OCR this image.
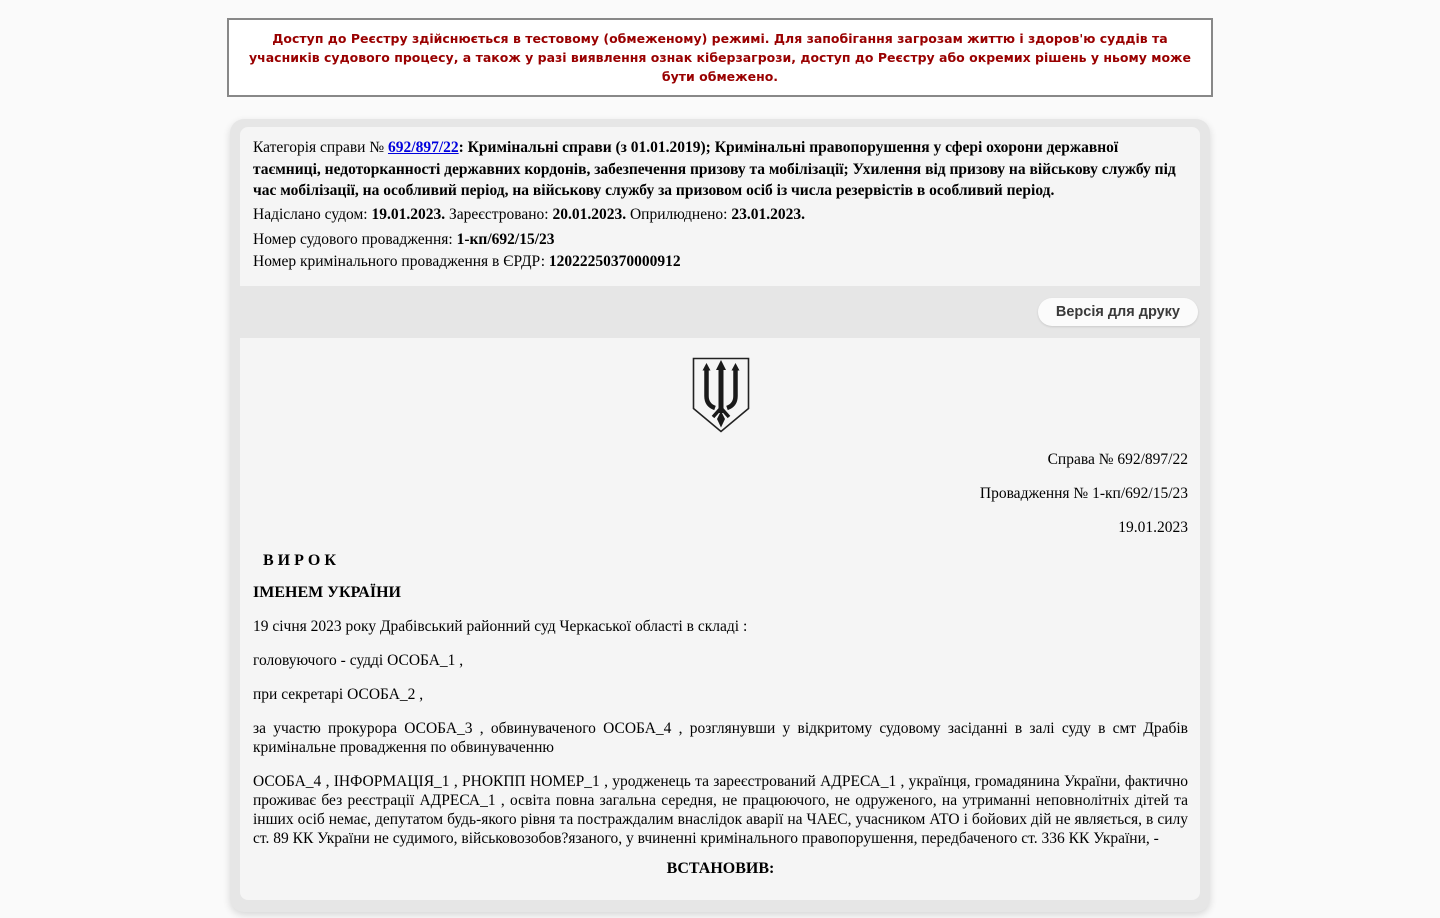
Доступ до Реєстру здійснюється в тестовому (обмеженому) режимі. Для запобігання загрозам життю і здоров'ю суддів та учасників судового процесу, а також у разі виявлення ознак кіберзагрози, доступ до Реєстру або окремих рішень у ньому може бути обмежено.

Категорія справи № 692/897/22: Кримінальні справи (з 01.01.2019); Кримінальні правопорушення у сфері охорони державної таємниці, недоторканності державних кордонів, забезпечення призову та мобілізації; Ухилення від призову на військову службу під час мобілізації, на особливий період, на військову службу за призовом осіб із числа резервістів в особливий період.

Надіслано судом: 19.01.2023. Зареєстровано: 20.01.2023. Оприлюднено: 23.01.2023.

Номер судового провадження: 1-кп/692/15/23

Номер кримінального провадження в ЄРДР: 12022250370000912

Версія для друку
Справа № 692/897/22
Провадження № 1-кп/692/15/23
19.01.2023
В И Р О К
ІМЕНЕМ УКРАЇНИ

19 січня 2023 року Драбівський районний суд Черкаської області в складі :

головуючого - судді ОСОБА_1 ,

при секретарі ОСОБА_2 ,

за участю прокурора ОСОБА_3 , обвинуваченого ОСОБА_4 , розглянувши у відкритому судовому засіданні в залі суду в смт Драбів кримінальне провадження по обвинуваченню

ОСОБА_4 , ІНФОРМАЦІЯ_1 , РНОКПП НОМЕР_1 , уродженець та зареєстрований АДРЕСА_1 , українця, громадянина України, фактично проживає без реєстрації АДРЕСА_1 , освіта повна загальна середня, не працюючого, не одруженого, на утриманні неповнолітніх дітей та інших осіб немає, депутатом будь-якого рівня та постраждалим внаслідок аварії на ЧАЕС, учасником АТО і бойових дій не являється, в силу ст. 89 КК України не судимого, військовозобов?язаного, у вчиненні кримінального правопорушення, передбаченого ст. 336 КК України, -

ВСТАНОВИВ:
